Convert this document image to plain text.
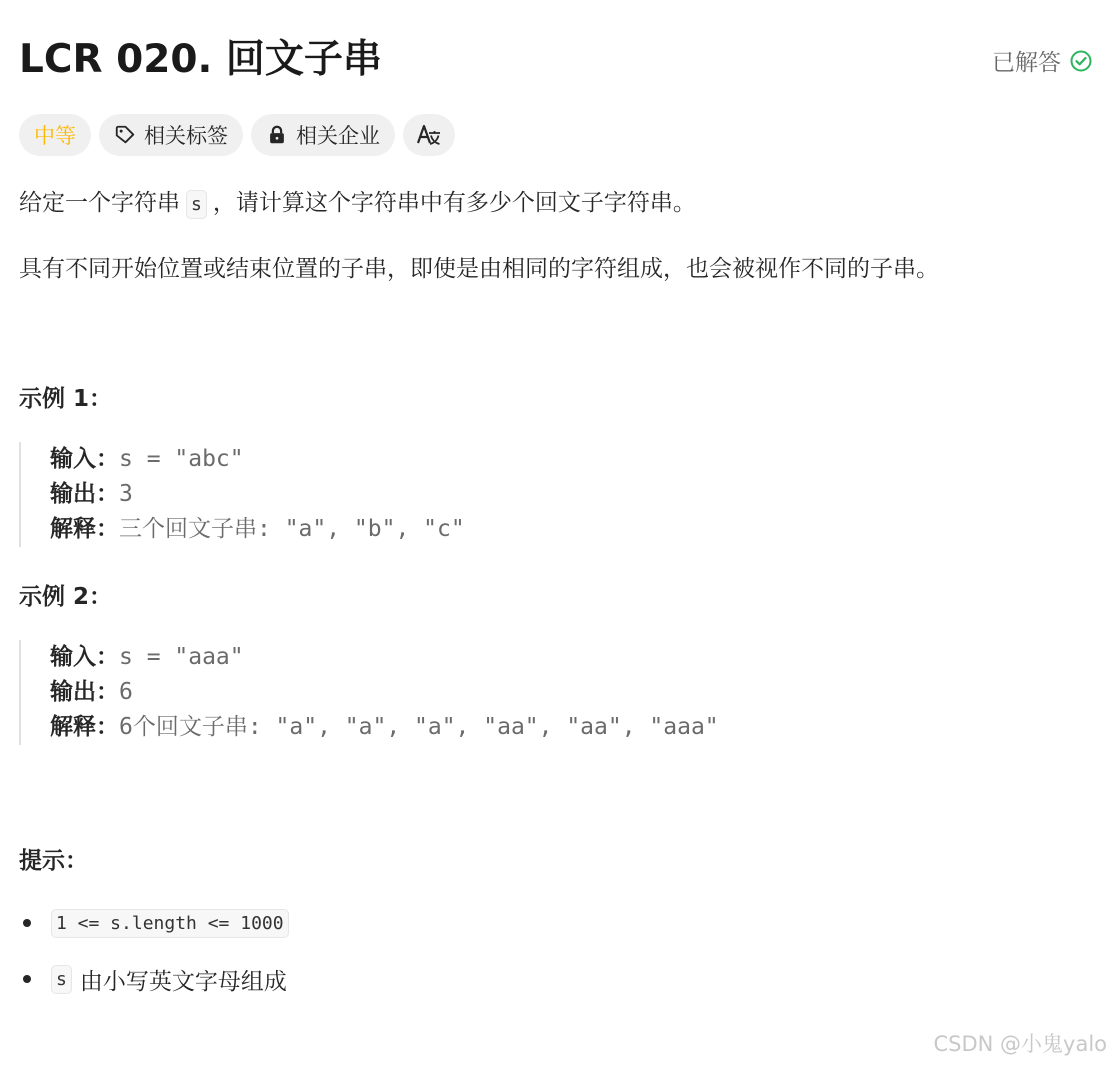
LCR 020. 回文子串	已解答
中等	相关标签	相关企业
给定一个字符串 s ，请计算这个字符串中有多少个回文子字符串。
具有不同开始位置或结束位置的子串，即使是由相同的字符组成，也会被视作不同的子串。
示例 1：
输入：s = "abc"
输出：3
解释：三个回文子串: "a", "b", "c"
示例 2：
输入：s = "aaa"
输出：6
解释：6个回文子串: "a", "a", "a", "aa", "aa", "aaa"
提示：
1 <= s.length <= 1000
s 由小写英文字母组成
CSDN @小鬼yalo
